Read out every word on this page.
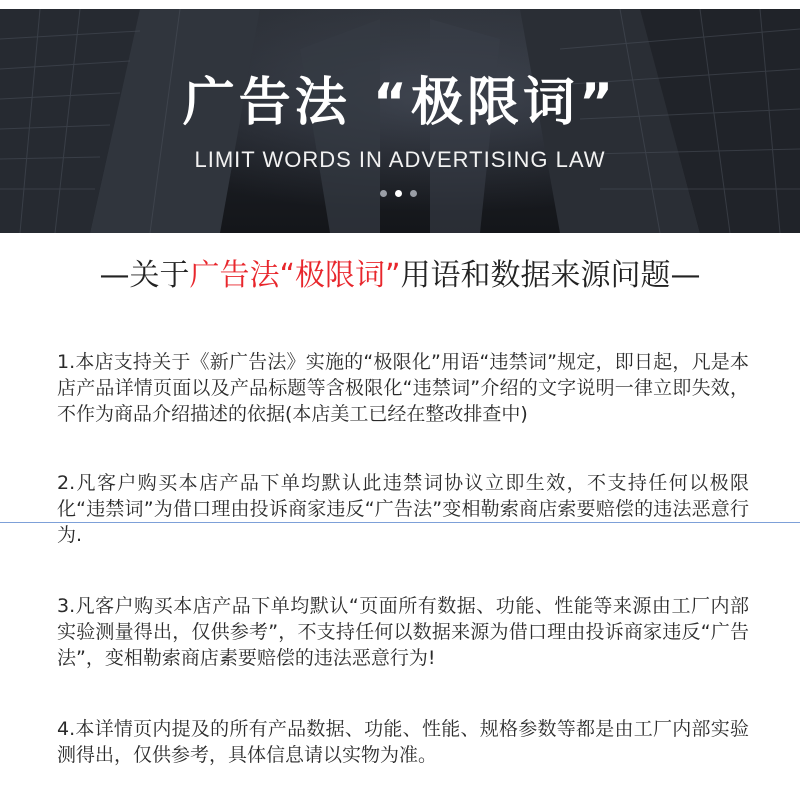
广告法 “极限词”
LIMIT WORDS IN ADVERTISING LAW
—关于广告法“极限词”用语和数据来源问题—
1.本店支持关于《新广告法》实施的“极限化”用语“违禁词”规定，即日起，凡是本店产品详情页面以及产品标题等含极限化“违禁词”介绍的文字说明一律立即失效，不作为商品介绍描述的依据(本店美工已经在整改排查中)
2.凡客户购买本店产品下单均默认此违禁词协议立即生效，不支持任何以极限化“违禁词”为借口理由投诉商家违反“广告法”变相勒索商店索要赔偿的违法恶意行为.
3.凡客户购买本店产品下单均默认“页面所有数据、功能、性能等来源由工厂内部实验测量得出，仅供参考”，不支持任何以数据来源为借口理由投诉商家违反“广告法”，变相勒索商店素要赔偿的违法恶意行为!
4.本详情页内提及的所有产品数据、功能、性能、规格参数等都是由工厂内部实验测得出，仅供参考，具体信息请以实物为准。
